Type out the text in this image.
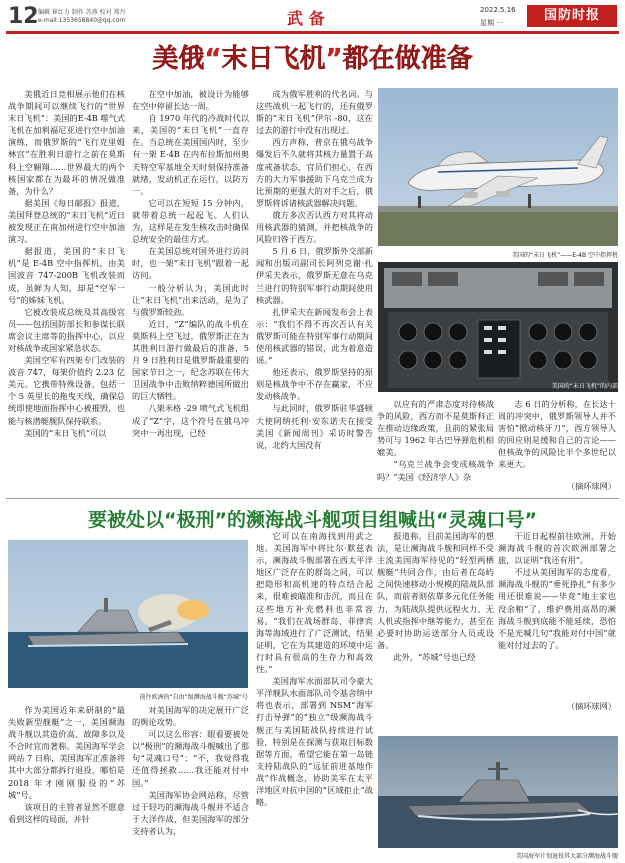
12 编辑 崔红力 制作 苏燕 校对 郑丹
e-mail:1353658840@qq.com	武 备	2022.5.16
星期 一	国防时报
美俄“末日飞机”都在做准备

美俄近日竞相展示他们在核战争期间可以继续飞行的“世界末日飞机”：美国的E-4B 噬气式飞机在加利福尼亚进行空中加油演练，而俄罗斯的“飞行克里姆林宫”在胜利日游行之前在莫斯科上空翱翔……世界最大的两个核国家都在为最坏的情况做准备，为什么？

据美国《每日邮报》报道，美国拜登总统的“末日飞机”近日被发现正在南加州进行空中加油演习。

据报道，美国的“末日飞机”是 E-4B 空中指挥机，由美国波音 747-200B 飞机改装而成，虽鲜为人知，却是“空军一号”的姊妹飞机。

它被改装成总统及其高级官员——包括国防部长和参谋长联席会议主席等的指挥中心，以应对核战争或国家紧急状态。

美国空军有四架专门改装的波音 747，每架价值约 2.23 亿美元。它携带特殊设备，包括一个 5 英里长的拖曳天线，确保总统即使地面指挥中心被摧毁，也能与核潜艇舰队保持联系。

美国的“末日飞机”可以

在空中加油，被设计为能够在空中停留长达一周。

自 1970 年代的冷战时代以来，美国的“末日飞机”一直存在。当总统在美国国内时，至少有一架 E-4B 在内布拉斯加州奥夫特空军基地全天时刻保持准备就绪，发动机正在运行，以防万一。

它可以在短短 15 分钟内，就带着总统一起起飞。人们认为，这样是在发生核攻击时确保总统安全的最佳方式。

在美国总统对国外进行访问时，也一架“末日飞机”跟着一起访问。

一般分析认为，美国此时让“末日飞机”出来活动，是为了与俄罗斯较劲。

近日，“Z”编队的战斗机在莫斯科上空飞过，俄罗斯正在为其胜利日游行做最后的准备，5 月 9 日胜利日是俄罗斯最重要的国家节日之一，纪念苏联在伟大卫国战争中击败纳粹德国所做出的巨大牺牲。

八架米格 -29 喷气式飞机组成了“Z”字，这个符号在俄乌冲突中一再出现，已经

成为俄军胜利的代名词。与这些战机一起飞行的，还有俄罗斯的“末日飞机”伊尔 -80，这在过去的游行中没有出现过。

西方声称，普京在俄乌战争爆发后不久就将其核力量置于高度戒备状态，官员们担心，在西方的大力军事援助下乌克兰成为比预期的更强大的对手之后，俄罗斯将诉诸核武器解决问题。

俄方多次否认西方对其将动用核武器的猜测，并把核战争的风险归咎于西方。

5 月 6 日，俄罗斯外交部新闻和出版司副司长阿列克谢·扎伊采夫表示，俄罗斯无意在乌克兰进行的特别军事行动期间使用核武器。

扎伊采夫在新闻发布会上表示：“我们不得不再次否认有关俄罗斯可能在特别军事行动期间使用核武器的错误，此为着意造谣。”

他还表示，俄罗斯坚持的原则是核战争中不存在赢家，不应发动核战争。

与此同时，俄罗斯驻华盛顿大使阿纳托利·安东诺夫在接受美国《新闻周刊》采访时警告说，北约大国没有

以应有的严肃态度对待核战争的风险，西方而不是莫斯科正在推动边缘政策，且前的紧张局势可与 1962 年古巴导弹危机相媲美。

“乌克兰战争会变成核战争吗？”美国《经济学人》杂

志 6 日的分析称，在长达十周的冲突中，俄罗斯领导人并不害怕“掀动核牙刀”，西方领导人的回应则是缓和自己的言论——但核战争的风险比半个多世纪以来更大。

（摘环球网）
美国的“末日飞机”——E-4B 空中指挥机
美国的“末日飞机”的内部
要被处以“极刑”的濒海战斗舰项目组喊出“灵魂口号”
前往欧洲的“自由”级濒海战斗舰“苏城”号

作为美国近年来研制的“最失败新型舰艇”之一，美国濒海战斗舰以其造价高、故障多以及不合时宜而著称。美国海军学会网站 7 日称，美国海军正准备将其中大部分都拆行退役，哪怕是 2018 年才刚刚服役的“苏城”号。

该项目的主管者显然不愿意看到这样的局面，并针

对美国海军的决定展开广泛的舆论攻势。

可以这么形容：眼看要被处以“极刑”的濒海战斗舰喊出了那句“灵魂口号”：“不，我觉得我还值得拯救……我还能对付中国。”

美国海军协会网站称，尽管过于轻巧的濒海战斗舰并不适合于大洋作战，但美国海军的部分支持者认为，

它可以在南海找到用武之地。美国海军中将比尔·默兹表示，濒海战斗舰部署在西太平洋地区广泛存在的群岛之间，可以把隐形和高机速的特点结合起来，很难被瞄准和击沉，而且在这些地方补充燃料也非常容易。“我们在战场群岛、菲律宾海等海域进行了广泛测试，结果证明，它在为其建造的环境中运行时具有很高的生存力和高效性。”

美国海军水面部队司令豪大平洋舰队水面部队司令基舍纳中将也表示，部署到 NSM“海军打击导弹”的“独立”级濒海战斗舰正与美国陆战队持续进行试验，特别是在探测与获取目标数据等方面，希望它能在第一岛链支持陆战队的“远征前进基地作战”作战概念，协助美军在太平洋地区对抗中国的“区域拒止”战略。

报道称，目前美国海军的想法，是让濒海战斗舰和同样不受主流美国海军待见的“轻型两栖舰艇”共同合作，由后者在岛屿之间快速移动小规模的陆战队部队，而前者则依靠多元化任务能力，为陆战队提供远程火力、无人机或指挥中继等能力，甚至在必要时协助运送部分人员或设备。

此外，“苏城”号也已经

于近日起程前往欧洲，开始濒海战斗舰的首次欧洲部署之旅，以证明“我还有用”。

不过从美国海军的态度看，濒海战斗舰的“垂死挣扎”有多少用还很难说——毕竟“地主家也没余粮”了，维护费用高昂的濒海战斗舰到底能不能延续，恐怕不是光喊几句“我能对付中国”就能对付过去的了。

（摘环球网）
美国海军计划退役其大部分濒海战斗舰
